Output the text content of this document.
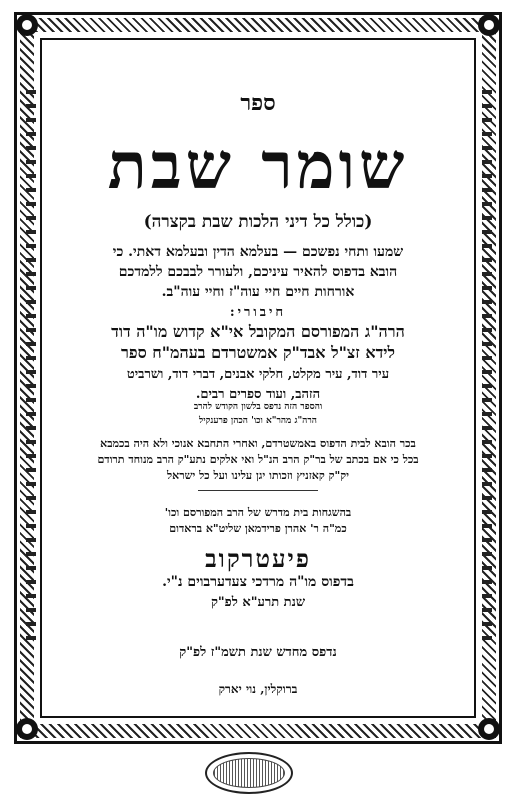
ספר
שומר שבת
(כולל כל דיני הלכות שבת בקצרה)
שמעו ותחי נפשכם — בעלמא הדין ובעלמא דאתי. כי
הובא בדפוס להאיר עיניכם, ולעורר לבבכם ללמדכם
אורחות חיים חיי עוה"ז וחיי עוה"ב.
חיבורי:
הרה"ג המפורסם המקובל אי"א קדוש מו"ה דוד
לידא זצ"ל אבד"ק אמשטרדם בעהמ"ח ספר
עיר דוד, עיר מקלט, חלקי אבנים, דברי דוד, ושרביט
הזהב, ועוד ספרים רבים.
והספר הזה נדפס בלשון הקודש להרב
הרה"ג מהר"א וכו' הכהן פרענקיל
בכר הובא לבית הדפוס באמשטרדם, ואחרי התחבא אנוכי ולא היה בכמבא
בכל כי אם בכתב של בר"ק הרב הנ"ל ואי אלקים נתע"ק הרב מנוחד תרודם
יק"ק קאזניץ וזכותו יגן עלינו ועל כל ישראל
בהשגחות בית מדרש של הרב המפורסם וכו'
כמ"ה ר' אהרן פרידמאן שליט"א בראדום
פיעטרקוב
בדפוס מו"ה מרדכי צעדערבוים נ"י.
שנת תרע"א לפ"ק
נדפס מחדש שנת תשמ"ז לפ"ק
ברוקלין, נוי יארק
